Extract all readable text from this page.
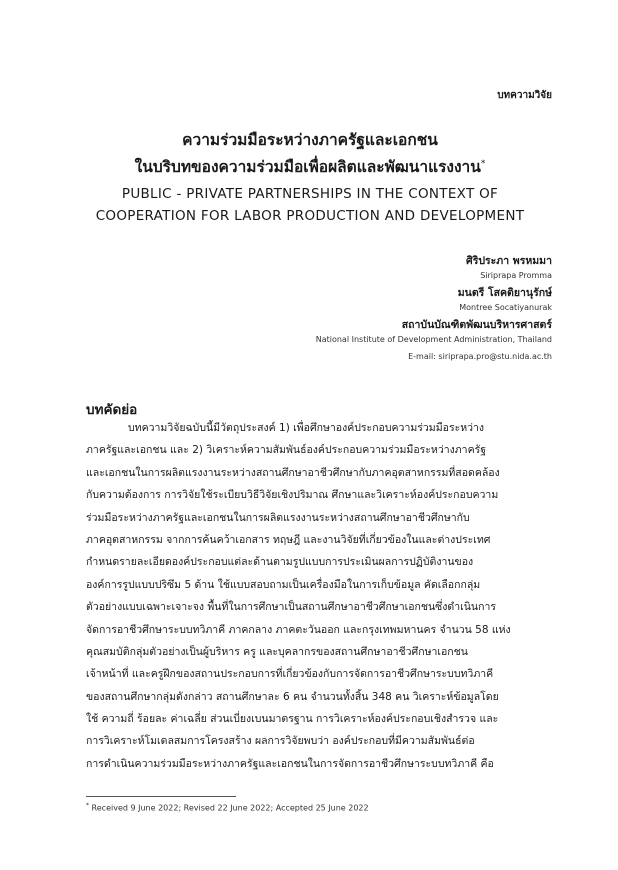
บทความวิจัย

ความร่วมมือระหว่างภาครัฐและเอกชน

ในบริบทของความร่วมมือเพื่อผลิตและพัฒนาแรงงาน*

PUBLIC - PRIVATE PARTNERSHIPS IN THE CONTEXT OF

COOPERATION FOR LABOR PRODUCTION AND DEVELOPMENT

ศิริประภา พรหมมา

Siriprapa Promma

มนตรี โสคติยานุรักษ์

Montree Socatiyanurak

สถาบันบัณฑิตพัฒนบริหารศาสตร์

National Institute of Development Administration, Thailand

E-mail: siriprapa.pro@stu.nida.ac.th

บทคัดย่อ

บทความวิจัยฉบับนี้มีวัตถุประสงค์ 1) เพื่อศึกษาองค์ประกอบความร่วมมือระหว่าง

ภาครัฐและเอกชน และ 2) วิเคราะห์ความสัมพันธ์องค์ประกอบความร่วมมือระหว่างภาครัฐ

และเอกชนในการผลิตแรงงานระหว่างสถานศึกษาอาชีวศึกษากับภาคอุตสาหกรรมที่สอดคล้อง

กับความต้องการ การวิจัยใช้ระเบียบวิธีวิจัยเชิงปริมาณ ศึกษาและวิเคราะห์องค์ประกอบความ

ร่วมมือระหว่างภาครัฐและเอกชนในการผลิตแรงงานระหว่างสถานศึกษาอาชีวศึกษากับ

ภาคอุตสาหกรรม จากการค้นคว้าเอกสาร ทฤษฎี และงานวิจัยที่เกี่ยวข้องในและต่างประเทศ

กำหนดรายละเอียดองค์ประกอบแต่ละด้านตามรูปแบบการประเมินผลการปฏิบัติงานของ

องค์การรูปแบบปริซึม 5 ด้าน ใช้แบบสอบถามเป็นเครื่องมือในการเก็บข้อมูล คัดเลือกกลุ่ม

ตัวอย่างแบบเฉพาะเจาะจง พื้นที่ในการศึกษาเป็นสถานศึกษาอาชีวศึกษาเอกชนซึ่งดำเนินการ

จัดการอาชีวศึกษาระบบทวิภาคี ภาคกลาง ภาคตะวันออก และกรุงเทพมหานคร จำนวน 58 แห่ง

คุณสมบัติกลุ่มตัวอย่างเป็นผู้บริหาร ครู และบุคลากรของสถานศึกษาอาชีวศึกษาเอกชน

เจ้าหน้าที่ และครูฝึกของสถานประกอบการที่เกี่ยวข้องกับการจัดการอาชีวศึกษาระบบทวิภาคี

ของสถานศึกษากลุ่มดังกล่าว สถานศึกษาละ 6 คน จำนวนทั้งสิ้น 348 คน วิเคราะห์ข้อมูลโดย

ใช้ ความถี่ ร้อยละ ค่าเฉลี่ย ส่วนเบี่ยงเบนมาตรฐาน การวิเคราะห์องค์ประกอบเชิงสำรวจ และ

การวิเคราะห์โมเดลสมการโครงสร้าง ผลการวิจัยพบว่า องค์ประกอบที่มีความสัมพันธ์ต่อ

การดำเนินความร่วมมือระหว่างภาครัฐและเอกชนในการจัดการอาชีวศึกษาระบบทวิภาคี คือ

* Received 9 June 2022; Revised 22 June 2022; Accepted 25 June 2022
